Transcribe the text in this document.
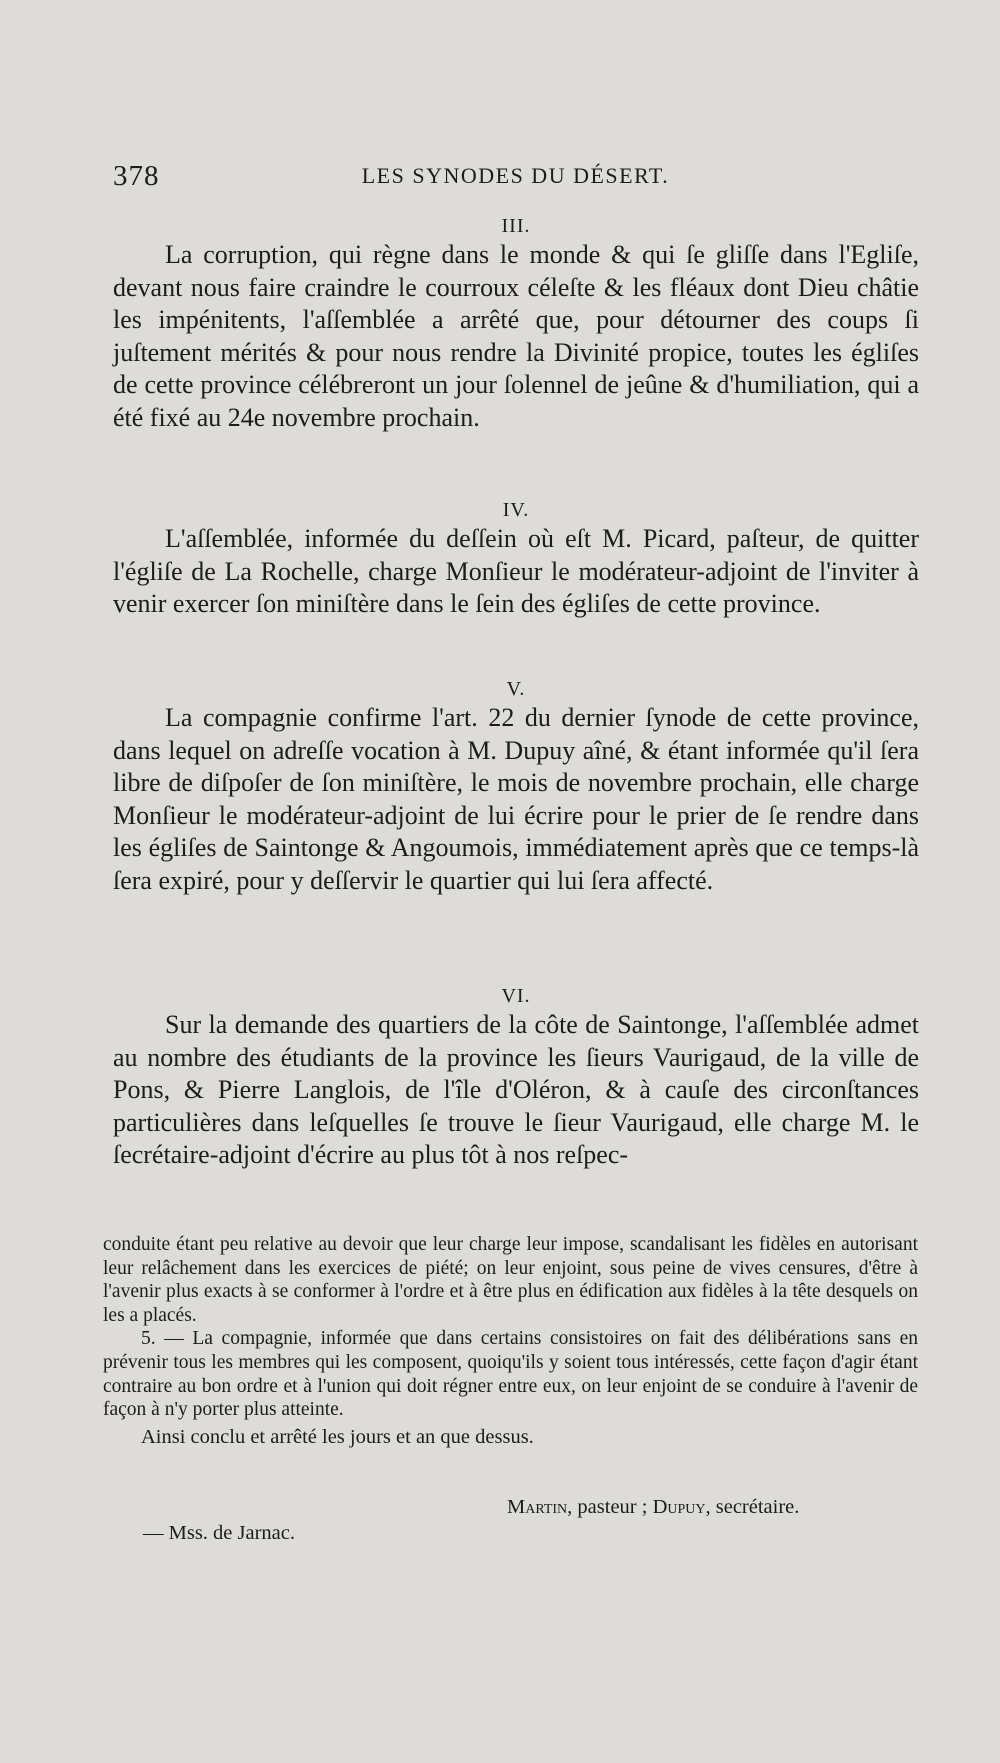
378	LES SYNODES DU DÉSERT.
III.

La corruption, qui règne dans le monde & qui ſe gliſſe dans l'Egliſe, devant nous faire craindre le courroux céleſte & les fléaux dont Dieu châtie les impénitents, l'aſſemblée a arrêté que, pour détourner des coups ſi juſtement mérités & pour nous rendre la Divinité propice, toutes les égliſes de cette province célébreront un jour ſolennel de jeûne & d'humiliation, qui a été fixé au 24e novembre prochain.

IV.

L'aſſemblée, informée du deſſein où eſt M. Picard, paſteur, de quitter l'égliſe de La Rochelle, charge Monſieur le modérateur-adjoint de l'inviter à venir exercer ſon miniſtère dans le ſein des égliſes de cette province.

V.

La compagnie confirme l'art. 22 du dernier ſynode de cette province, dans lequel on adreſſe vocation à M. Dupuy aîné, & étant informée qu'il ſera libre de diſpoſer de ſon miniſtère, le mois de novembre prochain, elle charge Monſieur le modérateur-adjoint de lui écrire pour le prier de ſe rendre dans les égliſes de Saintonge & Angoumois, immédiatement après que ce temps-là ſera expiré, pour y deſſervir le quartier qui lui ſera affecté.

VI.

Sur la demande des quartiers de la côte de Saintonge, l'aſſemblée admet au nombre des étudiants de la province les ſieurs Vaurigaud, de la ville de Pons, & Pierre Langlois, de l'île d'Oléron, & à cauſe des circonſtances particulières dans leſquelles ſe trouve le ſieur Vaurigaud, elle charge M. le ſecrétaire-adjoint d'écrire au plus tôt à nos reſpec-

conduite étant peu relative au devoir que leur charge leur impose, scandalisant les fidèles en autorisant leur relâchement dans les exercices de piété; on leur enjoint, sous peine de vives censures, d'être à l'avenir plus exacts à se conformer à l'ordre et à être plus en édification aux fidèles à la tête desquels on les a placés.

5. — La compagnie, informée que dans certains consistoires on fait des délibérations sans en prévenir tous les membres qui les composent, quoiqu'ils y soient tous intéressés, cette façon d'agir étant contraire au bon ordre et à l'union qui doit régner entre eux, on leur enjoint de se conduire à l'avenir de façon à n'y porter plus atteinte.

Ainsi conclu et arrêté les jours et an que dessus.

Martin, pasteur ; Dupuy, secrétaire.
— Mss. de Jarnac.
